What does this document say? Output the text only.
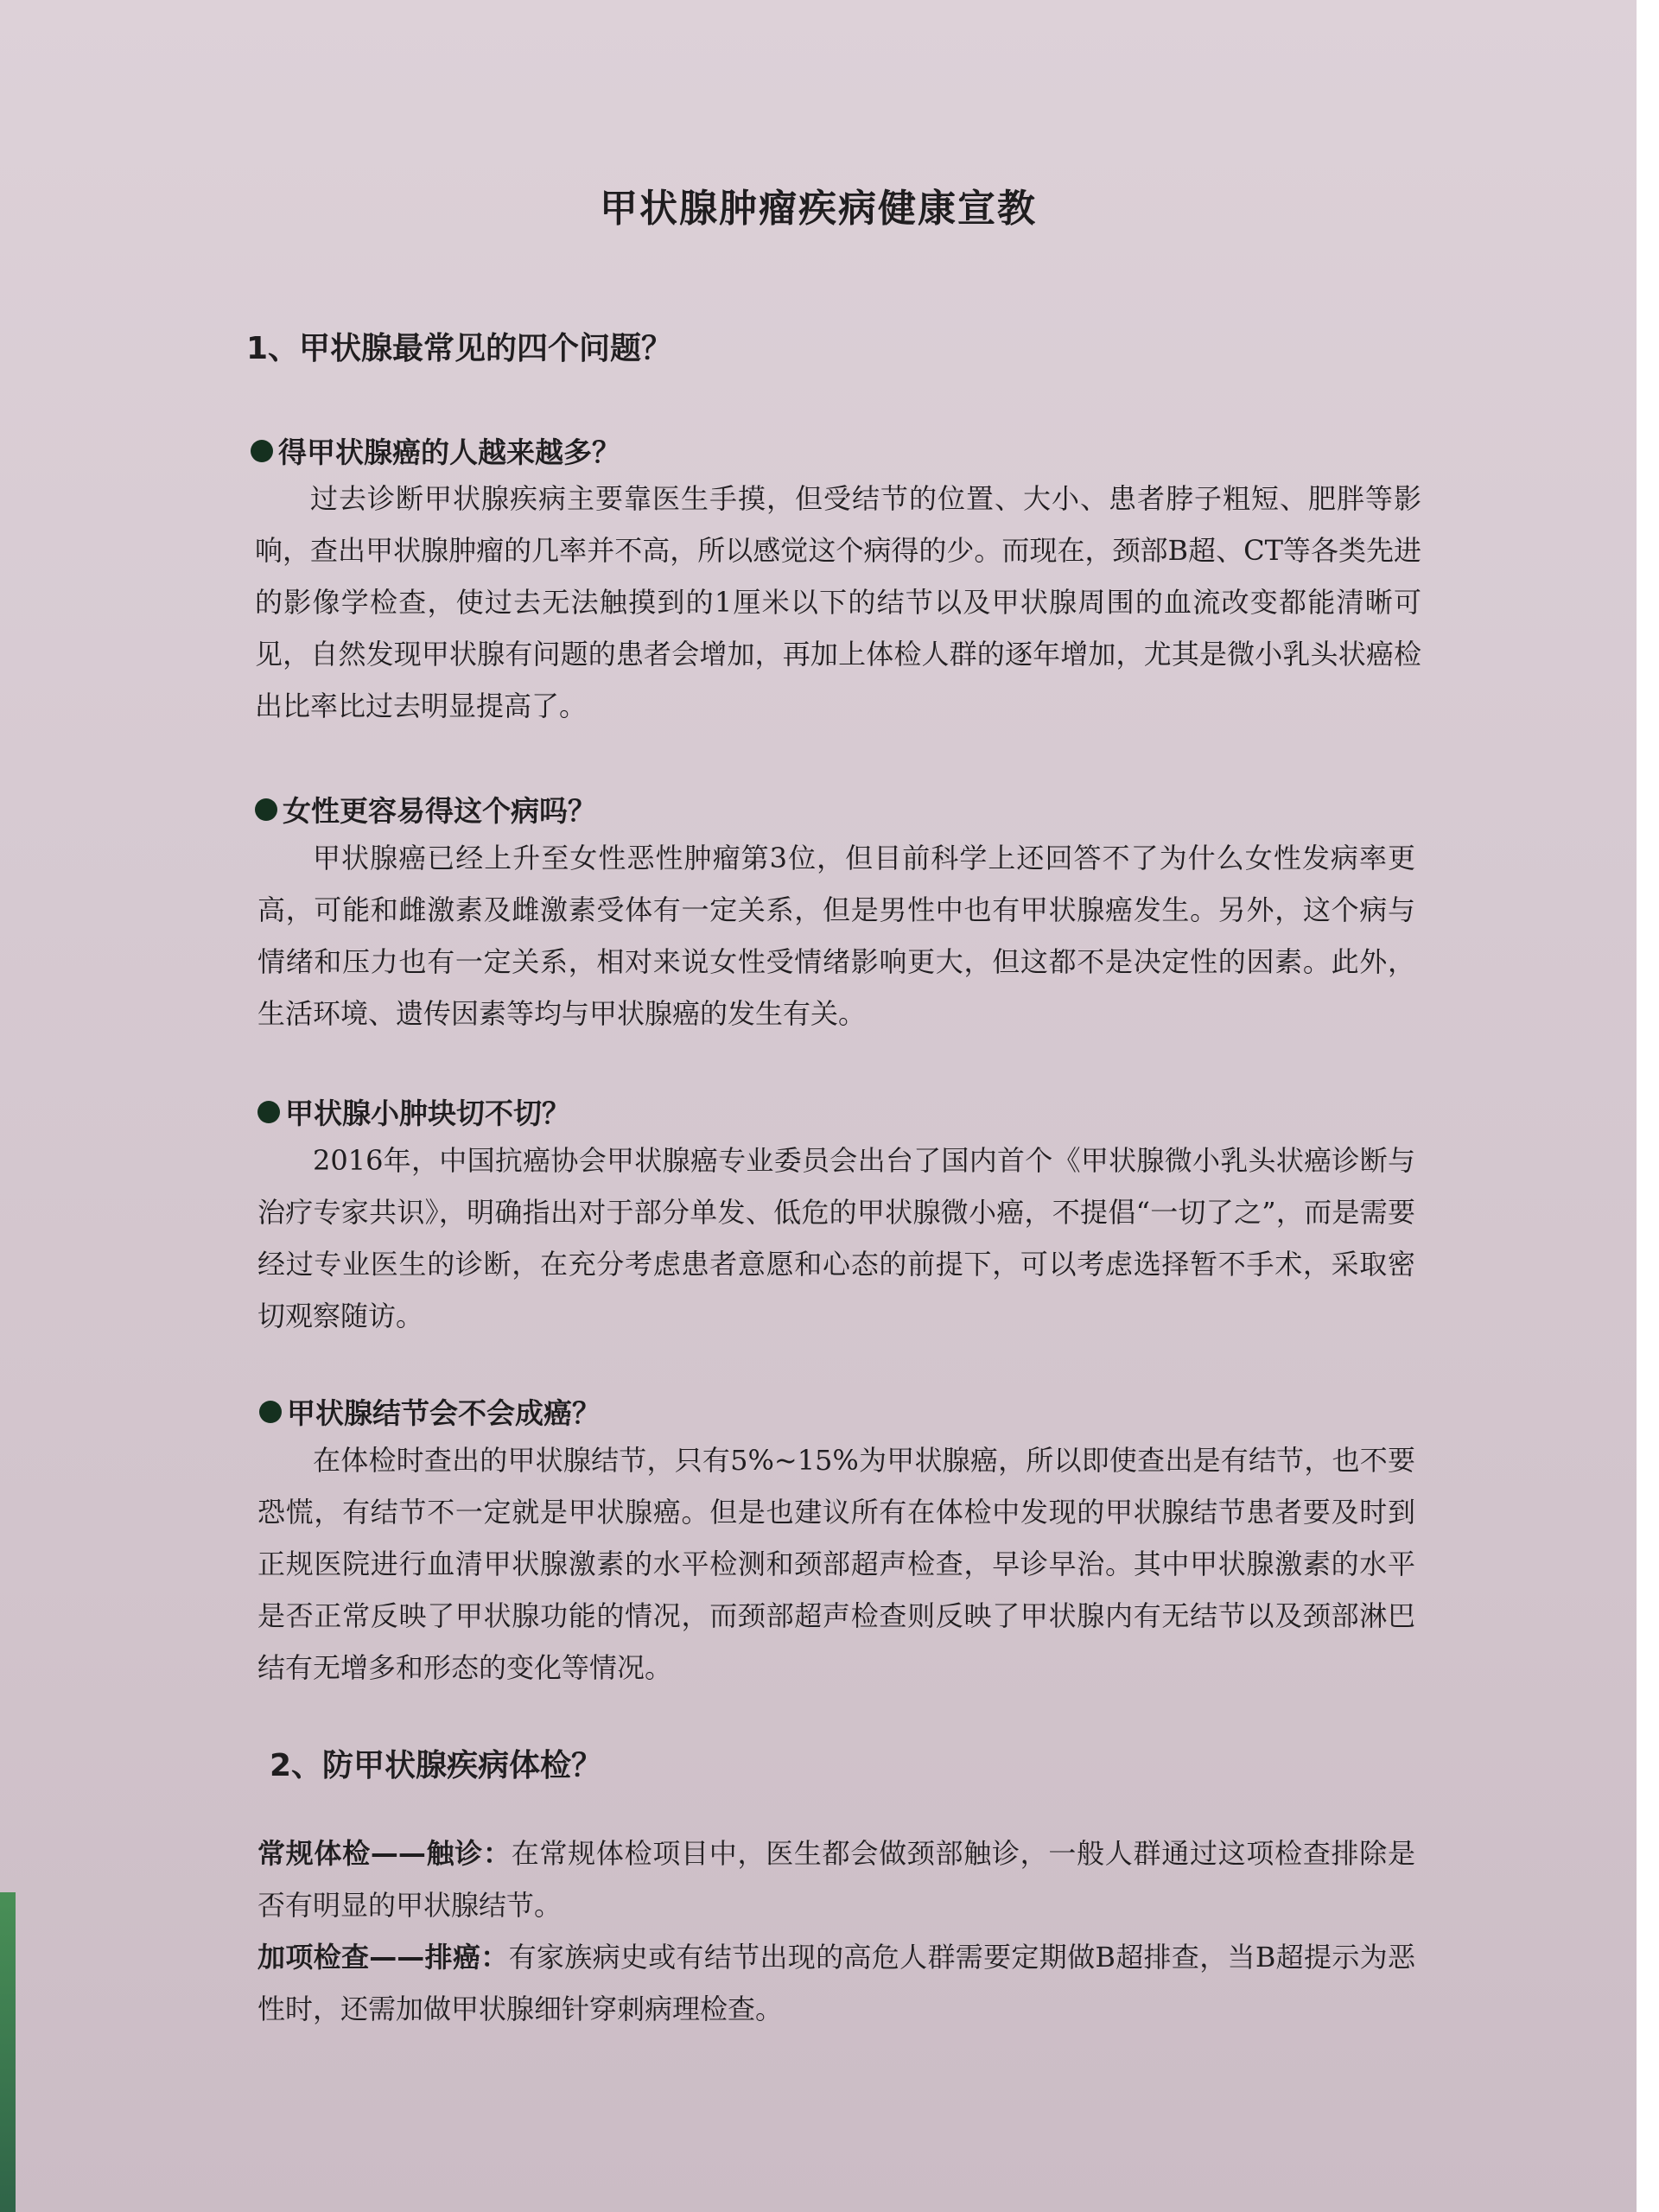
甲状腺肿瘤疾病健康宣教
1、甲状腺最常见的四个问题？
得甲状腺癌的人越来越多？
过去诊断甲状腺疾病主要靠医生手摸，但受结节的位置、大小、患者脖子粗短、肥胖等影响，查出甲状腺肿瘤的几率并不高，所以感觉这个病得的少。而现在，颈部B超、CT等各类先进的影像学检查，使过去无法触摸到的1厘米以下的结节以及甲状腺周围的血流改变都能清晰可见，自然发现甲状腺有问题的患者会增加，再加上体检人群的逐年增加，尤其是微小乳头状癌检出比率比过去明显提高了。
女性更容易得这个病吗？
甲状腺癌已经上升至女性恶性肿瘤第3位，但目前科学上还回答不了为什么女性发病率更高，可能和雌激素及雌激素受体有一定关系，但是男性中也有甲状腺癌发生。另外，这个病与情绪和压力也有一定关系，相对来说女性受情绪影响更大，但这都不是决定性的因素。此外，生活环境、遗传因素等均与甲状腺癌的发生有关。
甲状腺小肿块切不切？
2016年，中国抗癌协会甲状腺癌专业委员会出台了国内首个《甲状腺微小乳头状癌诊断与治疗专家共识》，明确指出对于部分单发、低危的甲状腺微小癌，不提倡“一切了之”，而是需要经过专业医生的诊断，在充分考虑患者意愿和心态的前提下，可以考虑选择暂不手术，采取密切观察随访。
甲状腺结节会不会成癌？
在体检时查出的甲状腺结节，只有5%~15%为甲状腺癌，所以即使查出是有结节，也不要恐慌，有结节不一定就是甲状腺癌。但是也建议所有在体检中发现的甲状腺结节患者要及时到正规医院进行血清甲状腺激素的水平检测和颈部超声检查，早诊早治。其中甲状腺激素的水平是否正常反映了甲状腺功能的情况，而颈部超声检查则反映了甲状腺内有无结节以及颈部淋巴结有无增多和形态的变化等情况。
2、防甲状腺疾病体检？
常规体检——触诊：在常规体检项目中，医生都会做颈部触诊，一般人群通过这项检查排除是否有明显的甲状腺结节。
加项检查——排癌：有家族病史或有结节出现的高危人群需要定期做B超排查，当B超提示为恶性时，还需加做甲状腺细针穿刺病理检查。
